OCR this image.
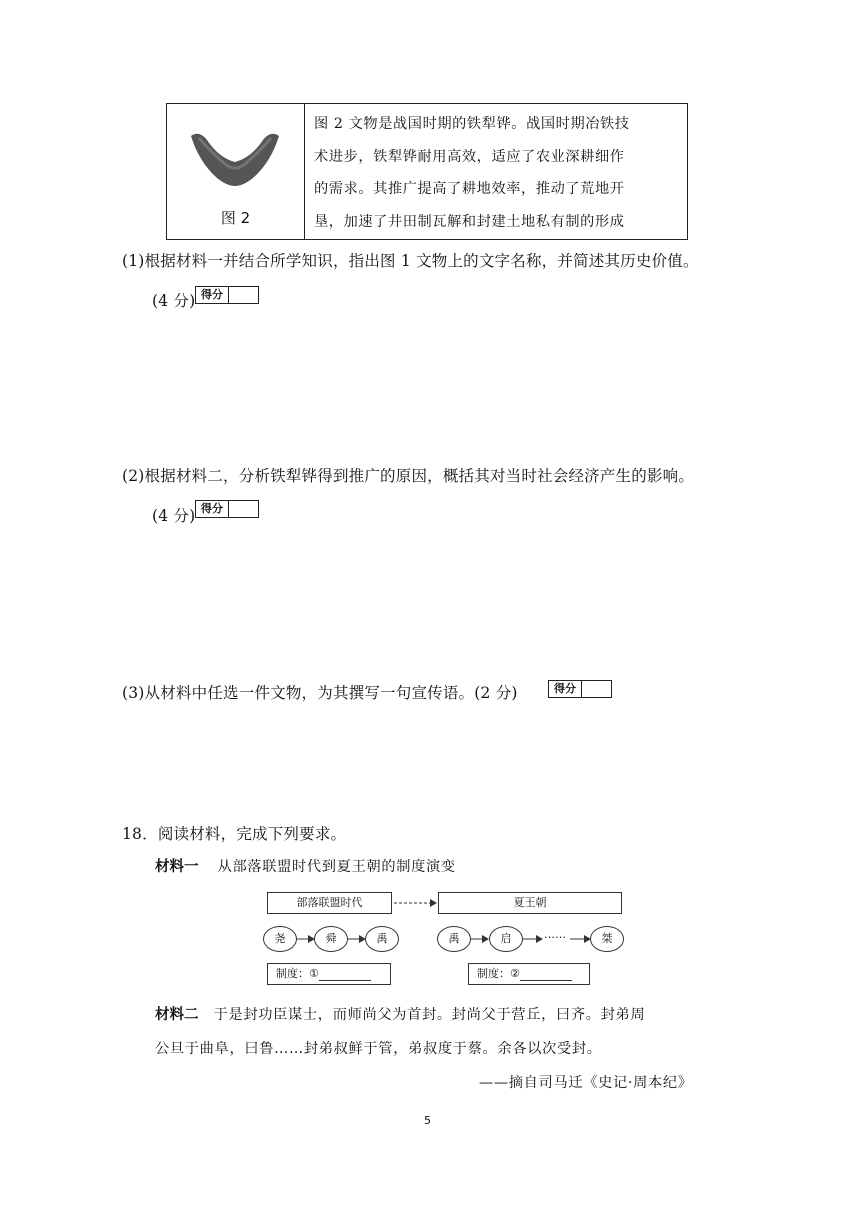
图 2
图 2 文物是战国时期的铁犁铧。战国时期冶铁技
术进步，铁犁铧耐用高效，适应了农业深耕细作
的需求。其推广提高了耕地效率，推动了荒地开
垦，加速了井田制瓦解和封建土地私有制的形成
(1)根据材料一并结合所学知识，指出图 1 文物上的文字名称，并简述其历史价值。
(4 分) 得分
(2)根据材料二，分析铁犁铧得到推广的原因，概括其对当时社会经济产生的影响。
(4 分) 得分
(3)从材料中任选一件文物，为其撰写一句宣传语。(2 分)	得分
18．阅读材料，完成下列要求。
材料一 从部落联盟时代到夏王朝的制度演变
部落联盟时代	夏王朝
尧	舜	禹	禹	启	桀
……
制度：①	制度：②
材料二 于是封功臣谋士，而师尚父为首封。封尚父于营丘，曰齐。封弟周
公旦于曲阜，曰鲁……封弟叔鲜于管，弟叔度于蔡。余各以次受封。
——摘自司马迁《史记·周本纪》
5
